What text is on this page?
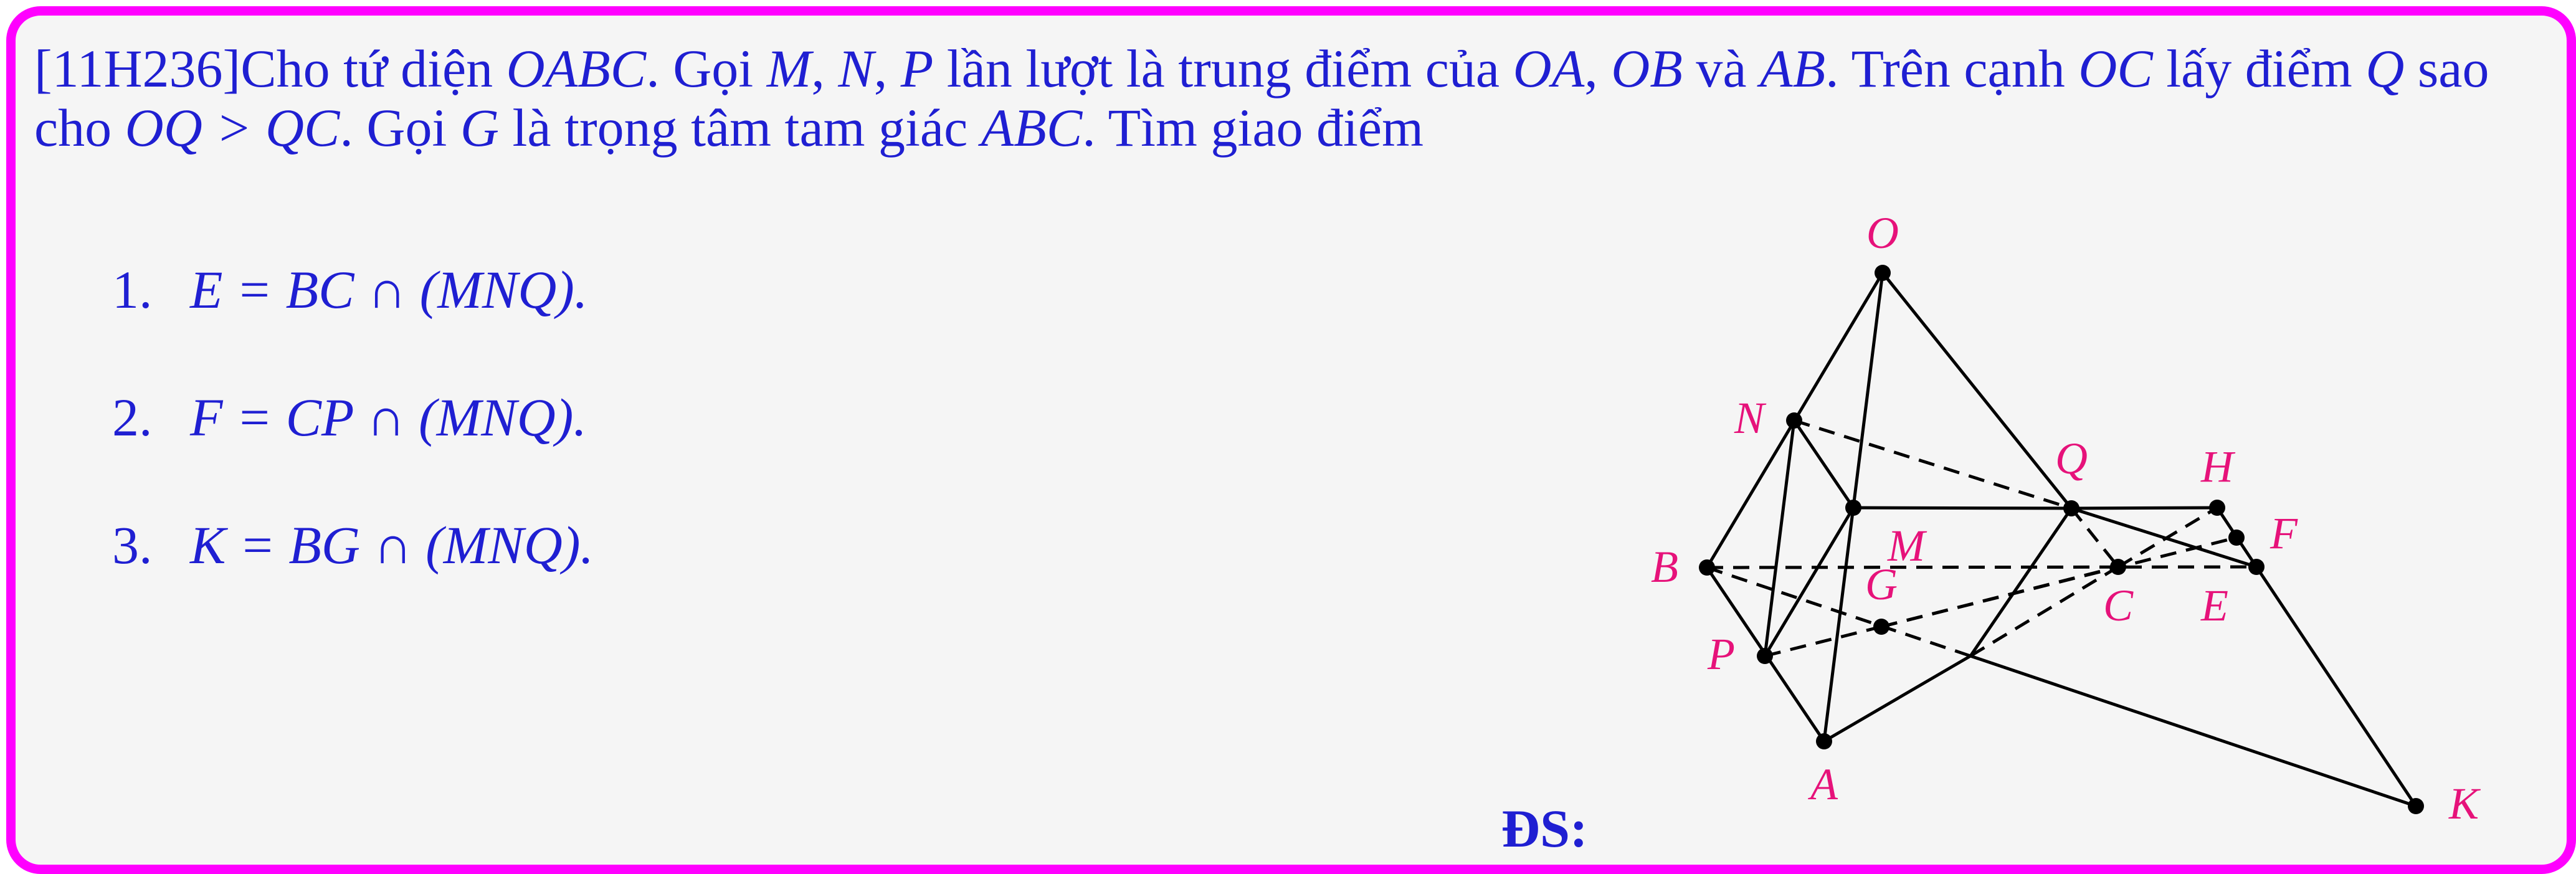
[11H236]Cho tứ diện OABC. Gọi M, N, P lần lượt là trung điểm của OA, OB và AB. Trên cạnh OC lấy điểm Q sao cho OQ > QC. Gọi G là trọng tâm tam giác ABC. Tìm giao điểm
1. E = BC ∩ (MNQ).
2. F = CP ∩ (MNQ).
3. K = BG ∩ (MNQ).
ĐS:
O
N
M
Q	H
F
B	G	C E
P
A	K
